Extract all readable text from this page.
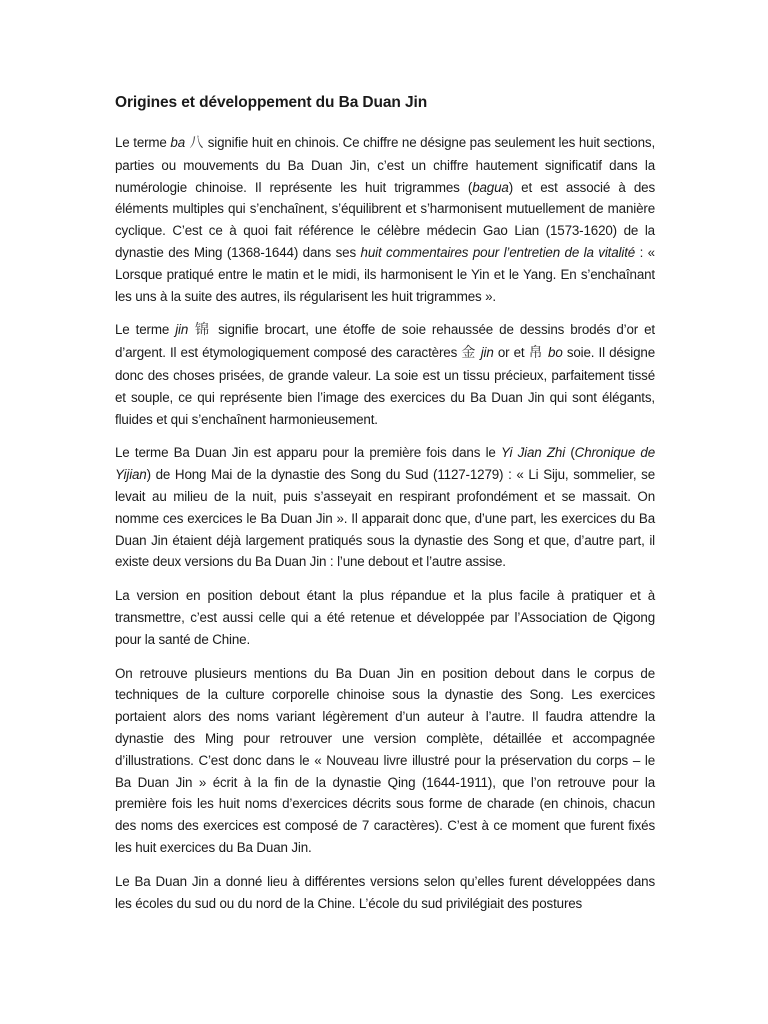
Origines et développement du Ba Duan Jin

Le terme ba 八 signifie huit en chinois. Ce chiffre ne désigne pas seulement les huit sections, parties ou mouvements du Ba Duan Jin, c’est un chiffre hautement significatif dans la numérologie chinoise. Il représente les huit trigrammes (bagua) et est associé à des éléments multiples qui s’enchaînent, s’équilibrent et s’harmonisent mutuellement de manière cyclique. C’est ce à quoi fait référence le célèbre médecin Gao Lian (1573-1620) de la dynastie des Ming (1368-1644) dans ses huit commentaires pour l’entretien de la vitalité : « Lorsque pratiqué entre le matin et le midi, ils harmonisent le Yin et le Yang. En s’enchaînant les uns à la suite des autres, ils régularisent les huit trigrammes ».

Le terme jin 锦 signifie brocart, une étoffe de soie rehaussée de dessins brodés d’or et d’argent. Il est étymologiquement composé des caractères 金 jin or et 帛 bo soie. Il désigne donc des choses prisées, de grande valeur. La soie est un tissu précieux, parfaitement tissé et souple, ce qui représente bien l’image des exercices du Ba Duan Jin qui sont élégants, fluides et qui s’enchaînent harmonieusement.

Le terme Ba Duan Jin est apparu pour la première fois dans le Yi Jian Zhi (Chronique de Yijian) de Hong Mai de la dynastie des Song du Sud (1127-1279) : « Li Siju, sommelier, se levait au milieu de la nuit, puis s’asseyait en respirant profondément et se massait. On nomme ces exercices le Ba Duan Jin ». Il apparait donc que, d’une part, les exercices du Ba Duan Jin étaient déjà largement pratiqués sous la dynastie des Song et que, d’autre part, il existe deux versions du Ba Duan Jin : l’une debout et l’autre assise.

La version en position debout étant la plus répandue et la plus facile à pratiquer et à transmettre, c’est aussi celle qui a été retenue et développée par l’Association de Qigong pour la santé de Chine.

On retrouve plusieurs mentions du Ba Duan Jin en position debout dans le corpus de techniques de la culture corporelle chinoise sous la dynastie des Song. Les exercices portaient alors des noms variant légèrement d’un auteur à l’autre. Il faudra attendre la dynastie des Ming pour retrouver une version complète, détaillée et accompagnée d’illustrations. C’est donc dans le « Nouveau livre illustré pour la préservation du corps – le Ba Duan Jin » écrit à la fin de la dynastie Qing (1644-1911), que l’on retrouve pour la première fois les huit noms d’exercices décrits sous forme de charade (en chinois, chacun des noms des exercices est composé de 7 caractères). C’est à ce moment que furent fixés les huit exercices du Ba Duan Jin.

Le Ba Duan Jin a donné lieu à différentes versions selon qu’elles furent développées dans les écoles du sud ou du nord de la Chine. L’école du sud privilégiait des postures
